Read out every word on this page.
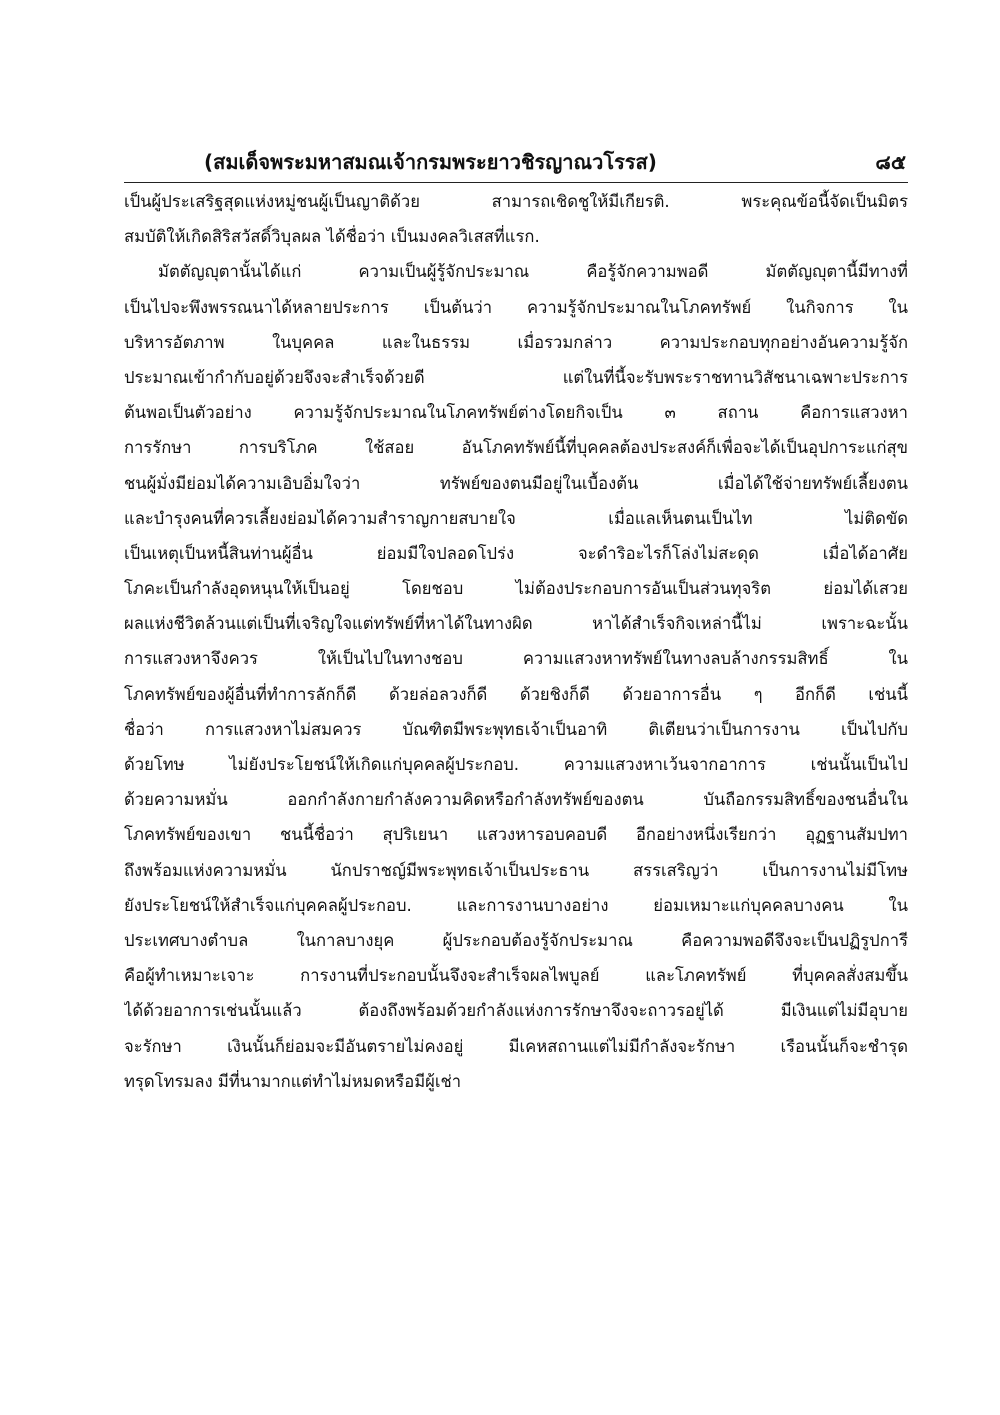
(สมเด็จพระมหาสมณเจ้ากรมพระยาวชิรญาณวโรรส)	๘๕
เป็นผู้ประเสริฐสุดแห่งหมู่ชนผู้เป็นญาติด้วย สามารถเชิดชูให้มีเกียรติ. พระคุณข้อนี้จัดเป็นมิตร
สมบัติให้เกิดสิริสวัสดิ์วิบุลผล ได้ชื่อว่า เป็นมงคลวิเสสที่แรก.
มัตตัญญุตานั้นได้แก่ ความเป็นผู้รู้จักประมาณ คือรู้จักความพอดี มัตตัญญุตานี้มีทางที่
เป็นไปจะพึงพรรณนาได้หลายประการ เป็นต้นว่า ความรู้จักประมาณในโภคทรัพย์ ในกิจการ ใน
บริหารอัตภาพ ในบุคคล และในธรรม เมื่อรวมกล่าว ความประกอบทุกอย่างอันความรู้จัก
ประมาณเข้ากำกับอยู่ด้วยจึงจะสำเร็จด้วยดี แต่ในที่นี้จะรับพระราชทานวิสัชนาเฉพาะประการ
ต้นพอเป็นตัวอย่าง ความรู้จักประมาณในโภคทรัพย์ต่างโดยกิจเป็น ๓ สถาน คือการแสวงหา
การรักษา การบริโภค ใช้สอย อันโภคทรัพย์นี้ที่บุคคลต้องประสงค์ก็เพื่อจะได้เป็นอุปการะแก่สุข
ชนผู้มั่งมีย่อมได้ความเอิบอิ่มใจว่า ทรัพย์ของตนมีอยู่ในเบื้องต้น เมื่อได้ใช้จ่ายทรัพย์เลี้ยงตน
และบำรุงคนที่ควรเลี้ยงย่อมได้ความสำราญกายสบายใจ เมื่อแลเห็นตนเป็นไท ไม่ติดขัด
เป็นเหตุเป็นหนี้สินท่านผู้อื่น ย่อมมีใจปลอดโปร่ง จะดำริอะไรก็โล่งไม่สะดุด เมื่อได้อาศัย
โภคะเป็นกำลังอุดหนุนให้เป็นอยู่ โดยชอบ ไม่ต้องประกอบการอันเป็นส่วนทุจริต ย่อมได้เสวย
ผลแห่งชีวิตล้วนแต่เป็นที่เจริญใจแต่ทรัพย์ที่หาได้ในทางผิด หาได้สำเร็จกิจเหล่านี้ไม่ เพราะฉะนั้น
การแสวงหาจึงควร ให้เป็นไปในทางชอบ ความแสวงหาทรัพย์ในทางลบล้างกรรมสิทธิ์ ใน
โภคทรัพย์ของผู้อื่นที่ทำการลักก็ดี ด้วยล่อลวงก็ดี ด้วยชิงก็ดี ด้วยอาการอื่น ๆ อีกก็ดี เช่นนี้
ชื่อว่า การแสวงหาไม่สมควร บัณฑิตมีพระพุทธเจ้าเป็นอาทิ ติเตียนว่าเป็นการงาน เป็นไปกับ
ด้วยโทษ ไม่ยังประโยชน์ให้เกิดแก่บุคคลผู้ประกอบ. ความแสวงหาเว้นจากอาการ เช่นนั้นเป็นไป
ด้วยความหมั่น ออกกำลังกายกำลังความคิดหรือกำลังทรัพย์ของตน บันถือกรรมสิทธิ์ของชนอื่นใน
โภคทรัพย์ของเขา ชนนี้ชื่อว่า สุปริเยนา แสวงหารอบคอบดี อีกอย่างหนึ่งเรียกว่า อุฏฐานสัมปทา
ถึงพร้อมแห่งความหมั่น นักปราชญ์มีพระพุทธเจ้าเป็นประธาน สรรเสริญว่า เป็นการงานไม่มีโทษ
ยังประโยชน์ให้สำเร็จแก่บุคคลผู้ประกอบ. และการงานบางอย่าง ย่อมเหมาะแก่บุคคลบางคน ใน
ประเทศบางตำบล ในกาลบางยุค ผู้ประกอบต้องรู้จักประมาณ คือความพอดีจึงจะเป็นปฏิรูปการี
คือผู้ทำเหมาะเจาะ การงานที่ประกอบนั้นจึงจะสำเร็จผลไพบูลย์ และโภคทรัพย์ ที่บุคคลสั่งสมขึ้น
ได้ด้วยอาการเช่นนั้นแล้ว ต้องถึงพร้อมด้วยกำลังแห่งการรักษาจึงจะถาวรอยู่ได้ มีเงินแต่ไม่มีอุบาย
จะรักษา เงินนั้นก็ย่อมจะมีอันตรายไม่คงอยู่ มีเคหสถานแต่ไม่มีกำลังจะรักษา เรือนนั้นก็จะชำรุด
ทรุดโทรมลง มีที่นามากแต่ทำไม่หมดหรือมีผู้เช่า
